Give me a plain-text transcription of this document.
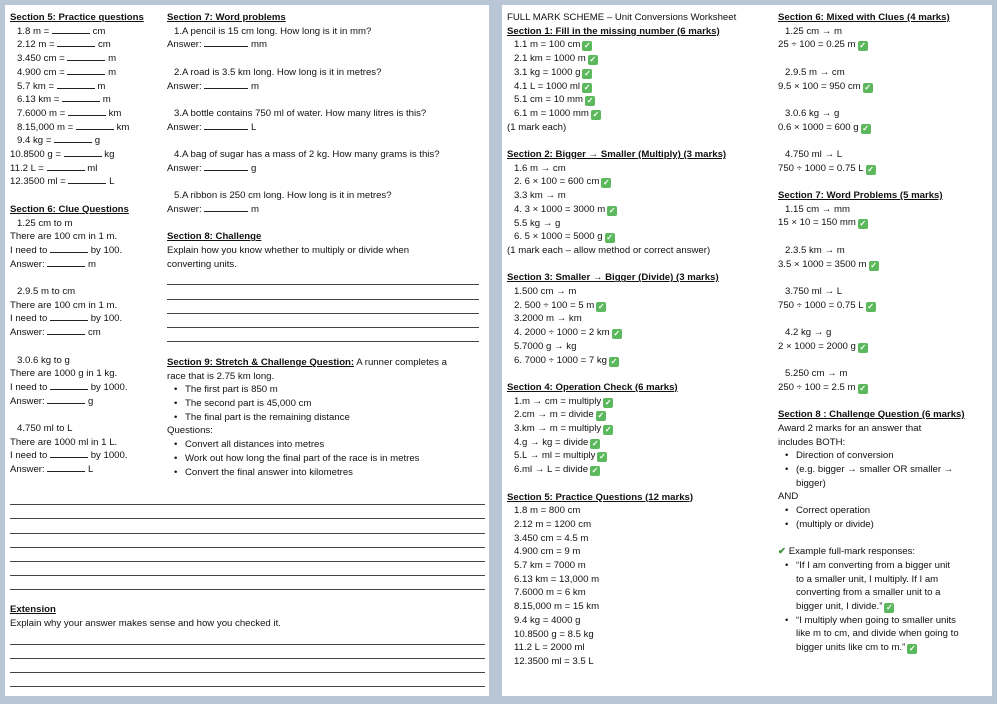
Section 5: Practice questions
1.8 m =	cm
2.12 m =	cm
3.450 cm =	m
4.900 cm =	m
5.7 km =	m
6.13 km =	m
7.6000 m =	km
8.15,000 m =	km
9.4 kg =	g
10.8500 g =	kg
11.2 L =	ml
12.3500 ml =	L
Section 6: Clue Questions
1.25 cm to m
There are 100 cm in 1 m.
I need to	by 100.
Answer:	m
2.9.5 m to cm
There are 100 cm in 1 m.
I need to	by 100.
Answer:	cm
3.0.6 kg to g
There are 1000 g in 1 kg.
I need to	by 1000.
Answer:	g
4.750 ml to L
There are 1000 ml in 1 L.
I need to	by 1000.
Answer:	L
Section 7: Word problems
1.A pencil is 15 cm long. How long is it in mm?
Answer:	mm
2.A road is 3.5 km long. How long is it in metres?
Answer:	m
3.A bottle contains 750 ml of water. How many litres is this?
Answer:	L
4.A bag of sugar has a mass of 2 kg. How many grams is this?
Answer:	g
5.A ribbon is 250 cm long. How long is it in metres?
Answer:	m
Section 8: Challenge
Explain how you know whether to multiply or divide when
converting units.
Section 9: Stretch & Challenge Question: A runner completes a
race that is 2.75 km long.
• The first part is 850 m
• The second part is 45,000 cm
• The final part is the remaining distance
Questions:
• Convert all distances into metres
• Work out how long the final part of the race is in metres
• Convert the final answer into kilometres
Extension
Explain why your answer makes sense and how you checked it.
FULL MARK SCHEME – Unit Conversions Worksheet
Section 1: Fill in the missing number (6 marks)
1.1 m = 100 cm ✓
2.1 km = 1000 m ✓
3.1 kg = 1000 g ✓
4.1 L = 1000 ml ✓
5.1 cm = 10 mm ✓
6.1 m = 1000 mm ✓
(1 mark each)
Section 2: Bigger → Smaller (Multiply) (3 marks)
1.6 m → cm
2. 6 × 100 = 600 cm ✓
3.3 km → m
4. 3 × 1000 = 3000 m ✓
5.5 kg → g
6. 5 × 1000 = 5000 g ✓
(1 mark each – allow method or correct answer)
Section 3: Smaller → Bigger (Divide) (3 marks)
1.500 cm → m
2. 500 ÷ 100 = 5 m ✓
3.2000 m → km
4. 2000 ÷ 1000 = 2 km ✓
5.7000 g → kg
6. 7000 ÷ 1000 = 7 kg ✓
Section 4: Operation Check (6 marks)
1.m → cm = multiply ✓
2.cm → m = divide ✓
3.km → m = multiply ✓
4.g → kg = divide ✓
5.L → ml = multiply ✓
6.ml → L = divide ✓
Section 5: Practice Questions (12 marks)
1.8 m = 800 cm
2.12 m = 1200 cm
3.450 cm = 4.5 m
4.900 cm = 9 m
5.7 km = 7000 m
6.13 km = 13,000 m
7.6000 m = 6 km
8.15,000 m = 15 km
9.4 kg = 4000 g
10.8500 g = 8.5 kg
11.2 L = 2000 ml
12.3500 ml = 3.5 L
Section 6: Mixed with Clues (4 marks)
1.25 cm → m
25 ÷ 100 = 0.25 m ✓
2.9.5 m → cm
9.5 × 100 = 950 cm ✓
3.0.6 kg → g
0.6 × 1000 = 600 g ✓
4.750 ml → L
750 ÷ 1000 = 0.75 L ✓
Section 7: Word Problems (5 marks)
1.15 cm → mm
15 × 10 = 150 mm ✓
2.3.5 km → m
3.5 × 1000 = 3500 m ✓
3.750 ml → L
750 ÷ 1000 = 0.75 L ✓
4.2 kg → g
2 × 1000 = 2000 g ✓
5.250 cm → m
250 ÷ 100 = 2.5 m ✓
Section 8 : Challenge Question (6 marks)
Award 2 marks for an answer that
includes BOTH:
• Direction of conversion
• (e.g. bigger → smaller OR smaller →
bigger)
AND
• Correct operation
• (multiply or divide)
✔ Example full-mark responses:
• “If I am converting from a bigger unit
to a smaller unit, I multiply. If I am
converting from a smaller unit to a
bigger unit, I divide.” ✓
• “I multiply when going to smaller units
like m to cm, and divide when going to
bigger units like cm to m.” ✓
